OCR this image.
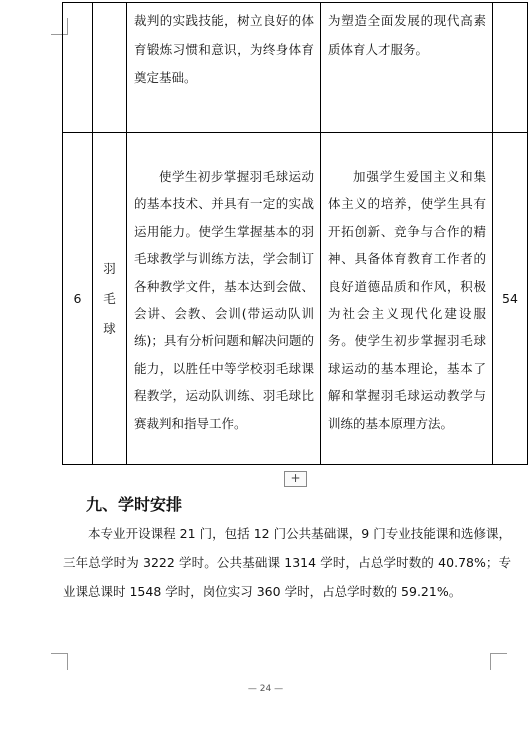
		裁判的实践技能，树立良好的体育锻炼习惯和意识，为终身体育奠定基础。	为塑造全面发展的现代高素质体育人才服务。	

6	羽
毛
球	使学生初步掌握羽毛球运动的基本技术、并具有一定的实战运用能力。使学生掌握基本的羽毛球教学与训练方法，学会制订各种教学文件，基本达到会做、会讲、会教、会训(带运动队训练)；具有分析问题和解决问题的能力，以胜任中等学校羽毛球课程教学，运动队训练、羽毛球比赛裁判和指导工作。	加强学生爱国主义和集体主义的培养，使学生具有开拓创新、竞争与合作的精神、具备体育教育工作者的良好道德品质和作风，积极为社会主义现代化建设服务。使学生初步掌握羽毛球球运动的基本理论，基本了解和掌握羽毛球运动教学与训练的基本原理方法。	54
+
九、学时安排

本专业开设课程 21 门，包括 12 门公共基础课，9 门专业技能课和选修课，三年总学时为 3222 学时。公共基础课 1314 学时，占总学时数的 40.78%；专业课总课时 1548 学时，岗位实习 360 学时，占总学时数的 59.21%。

— 24 —
